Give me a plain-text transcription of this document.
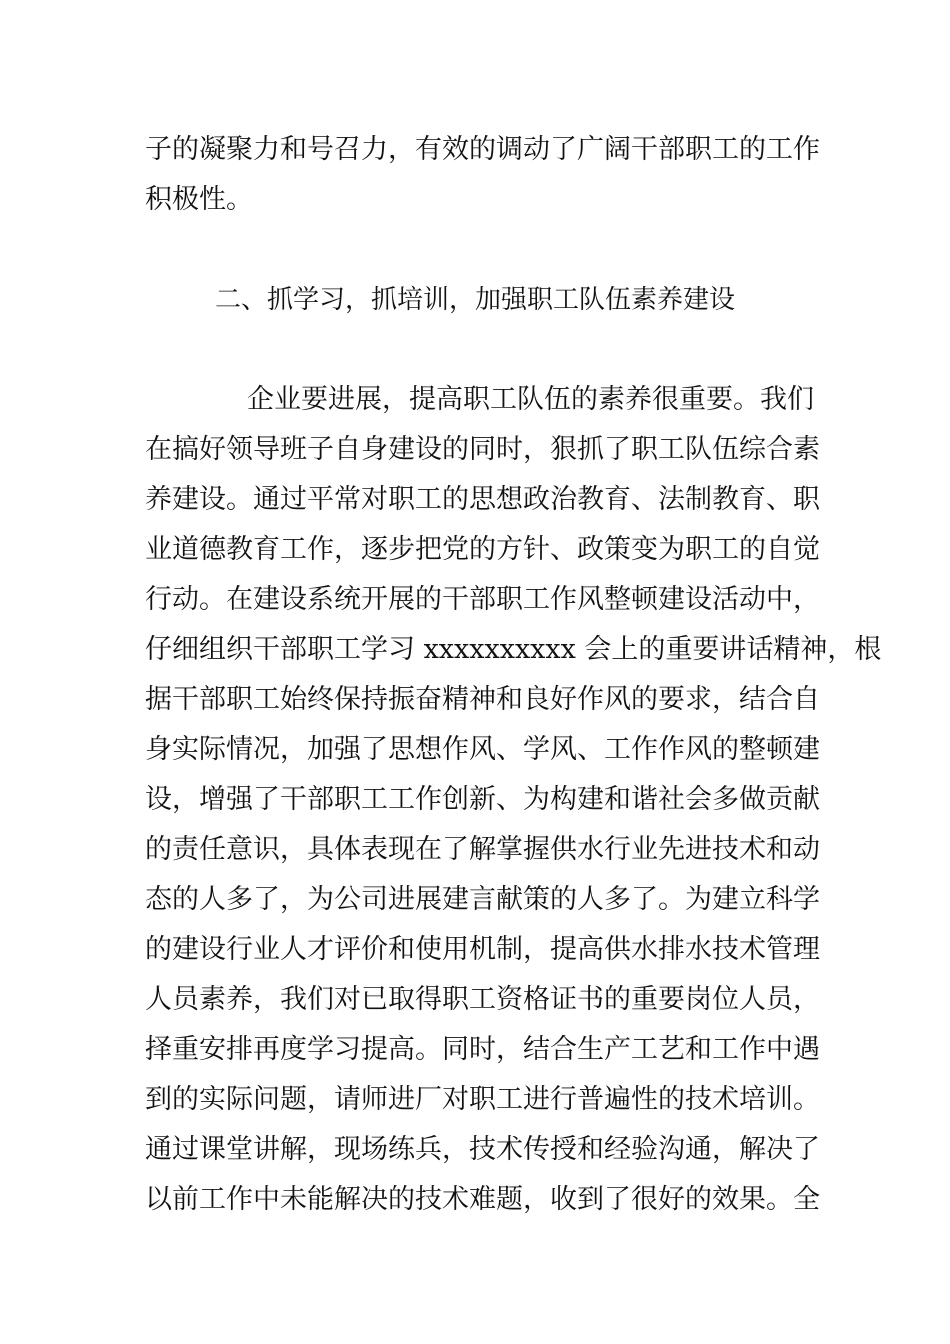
子的凝聚力和号召力，有效的调动了广阔干部职工的工作
积极性。
二、抓学习，抓培训，加强职工队伍素养建设
企业要进展，提高职工队伍的素养很重要。我们
在搞好领导班子自身建设的同时，狠抓了职工队伍综合素
养建设。通过平常对职工的思想政治教育、法制教育、职
业道德教育工作，逐步把党的方针、政策变为职工的自觉
行动。在建设系统开展的干部职工作风整顿建设活动中，
仔细组织干部职工学习 xxxxxxxxxx 会上的重要讲话精神，根
据干部职工始终保持振奋精神和良好作风的要求，结合自
身实际情况，加强了思想作风、学风、工作作风的整顿建
设，增强了干部职工工作创新、为构建和谐社会多做贡献
的责任意识，具体表现在了解掌握供水行业先进技术和动
态的人多了，为公司进展建言献策的人多了。为建立科学
的建设行业人才评价和使用机制，提高供水排水技术管理
人员素养，我们对已取得职工资格证书的重要岗位人员，
择重安排再度学习提高。同时，结合生产工艺和工作中遇
到的实际问题，请师进厂对职工进行普遍性的技术培训。
通过课堂讲解，现场练兵，技术传授和经验沟通，解决了
以前工作中未能解决的技术难题，收到了很好的效果。全
